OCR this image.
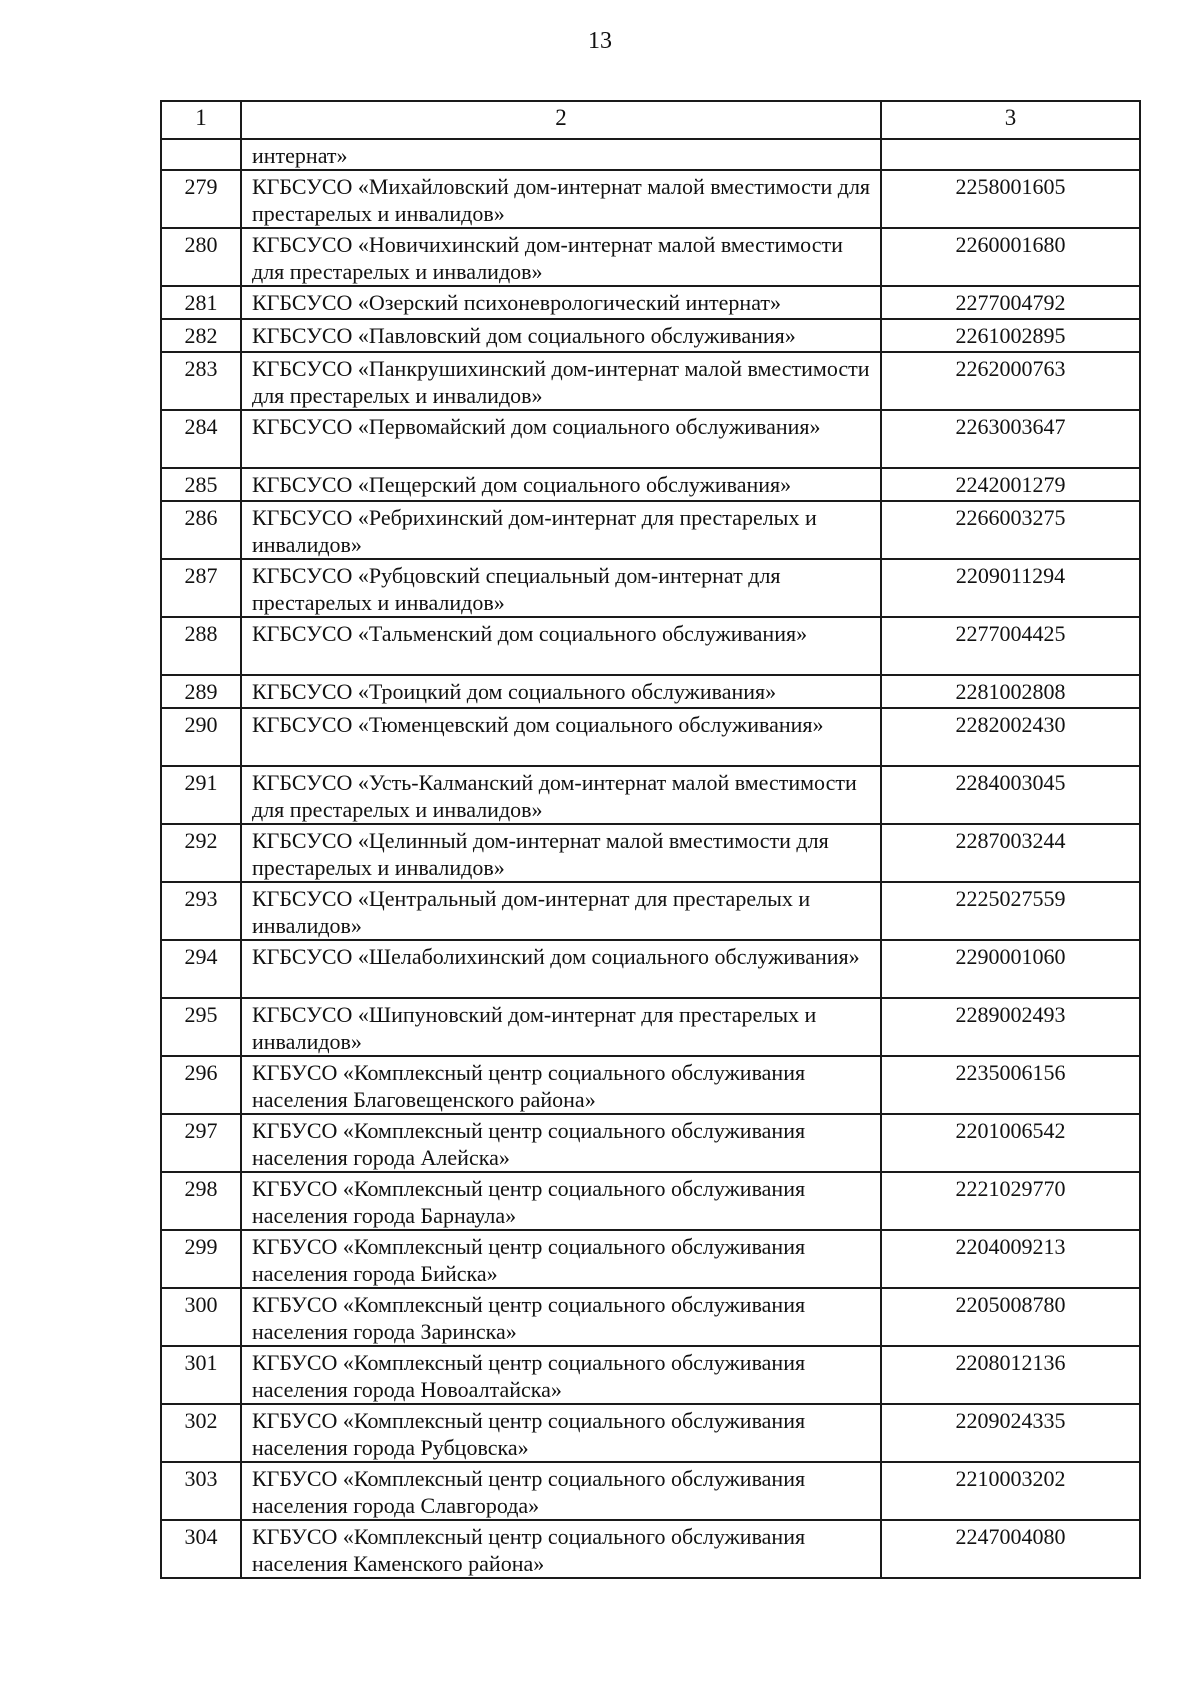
13
1	2	3
	интернат»	
279	КГБСУСО «Михайловский дом-интернат малой вместимости для престарелых и инвалидов»	2258001605
280	КГБСУСО «Новичихинский дом-интернат малой вместимости для престарелых и инвалидов»	2260001680
281	КГБСУСО «Озерский психоневрологический интернат»	2277004792
282	КГБСУСО «Павловский дом социального обслуживания»	2261002895
283	КГБСУСО «Панкрушихинский дом-интернат малой вместимости для престарелых и инвалидов»	2262000763
284	КГБСУСО «Первомайский дом социального обслуживания»	2263003647
285	КГБСУСО «Пещерский дом социального обслуживания»	2242001279
286	КГБСУСО «Ребрихинский дом-интернат для престарелых и инвалидов»	2266003275
287	КГБСУСО «Рубцовский специальный дом-интернат для престарелых и инвалидов»	2209011294
288	КГБСУСО «Тальменский дом социального обслуживания»	2277004425
289	КГБСУСО «Троицкий дом социального обслуживания»	2281002808
290	КГБСУСО «Тюменцевский дом социального обслуживания»	2282002430
291	КГБСУСО «Усть-Калманский дом-интернат малой вместимости для престарелых и инвалидов»	2284003045
292	КГБСУСО «Целинный дом-интернат малой вместимости для престарелых и инвалидов»	2287003244
293	КГБСУСО «Центральный дом-интернат для престарелых и инвалидов»	2225027559
294	КГБСУСО «Шелаболихинский дом социального обслуживания»	2290001060
295	КГБСУСО «Шипуновский дом-интернат для престарелых и инвалидов»	2289002493
296	КГБУСО «Комплексный центр социального обслуживания населения Благовещенского района»	2235006156
297	КГБУСО «Комплексный центр социального обслуживания населения города Алейска»	2201006542
298	КГБУСО «Комплексный центр социального обслуживания населения города Барнаула»	2221029770
299	КГБУСО «Комплексный центр социального обслуживания населения города Бийска»	2204009213
300	КГБУСО «Комплексный центр социального обслуживания населения города Заринска»	2205008780
301	КГБУСО «Комплексный центр социального обслуживания населения города Новоалтайска»	2208012136
302	КГБУСО «Комплексный центр социального обслуживания населения города Рубцовска»	2209024335
303	КГБУСО «Комплексный центр социального обслуживания населения города Славгорода»	2210003202
304	КГБУСО «Комплексный центр социального обслуживания населения Каменского района»	2247004080
